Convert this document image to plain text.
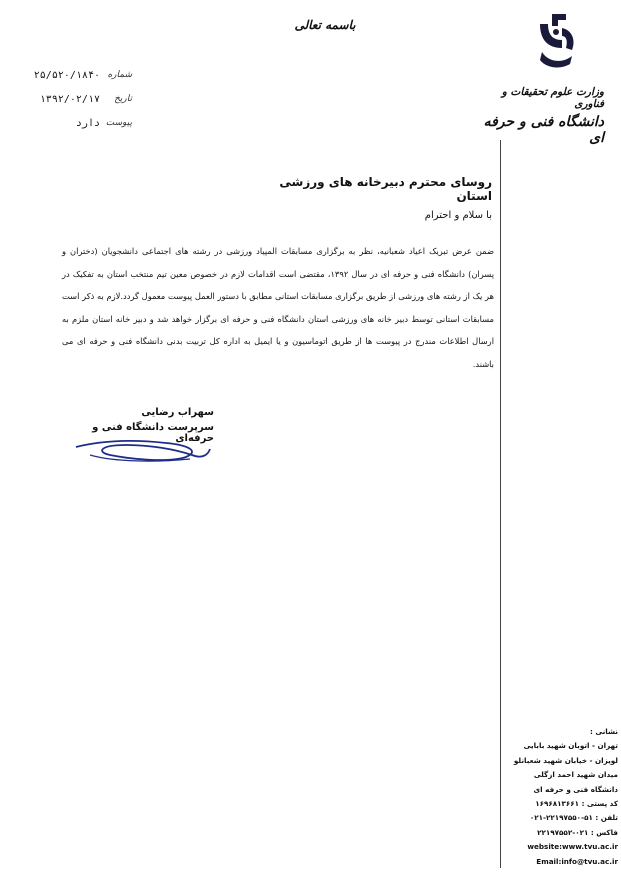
باسمه تعالی
وزارت علوم تحقیقات و فناوری
دانشگاه فنی و حرفه ای
شماره
۲۵/۵۲۰/۱۸۴۰
تاریخ
۱۳۹۲/۰۲/۱۷
پیوست
دارد
روسای محترم دبیرخانه های ورزشی استان
با سلام و احترام
ضمن عرض تبریک اعیاد شعبانیه، نظر به برگزاری مسابقات المپیاد ورزشی در رشته های اجتماعی دانشجویان (دختران و پسران) دانشگاه فنی و حرفه ای در سال ۱۳۹۲، مقتضی است اقدامات لازم در خصوص معین تیم منتخب استان به تفکیک در هر یک از رشته های ورزشی از طریق برگزاری مسابقات استانی مطابق با دستور العمل پیوست معمول گردد.لازم به ذکر است مسابقات استانی توسط دبیر خانه های ورزشی استان دانشگاه فنی و حرفه ای برگزار خواهد شد و دبیر خانه استان ملزم به ارسال اطلاعات مندرج در پیوست ها از طریق اتوماسیون و یا ایمیل به اداره کل تربیت بدنی دانشگاه فنی و حرفه ای می باشند.
سهراب رضایی
سرپرست دانشگاه فنی و حرفه‌ای
نشانی :
تهران - اتوبان شهید بابایی
لویزان - خیابان شهید شعبانلو
میدان شهید احمد ازگلی
دانشگاه فنی و حرفه ای
کد پستی : ۱۶۹۶۸۱۳۶۶۱
تلفن : ۵۱-۲۲۱۹۷۵۵۰-۰۲۱
فاکس : ۰۲۱-۲۲۱۹۷۵۵۲
website:www.tvu.ac.ir
Email:info@tvu.ac.ir
